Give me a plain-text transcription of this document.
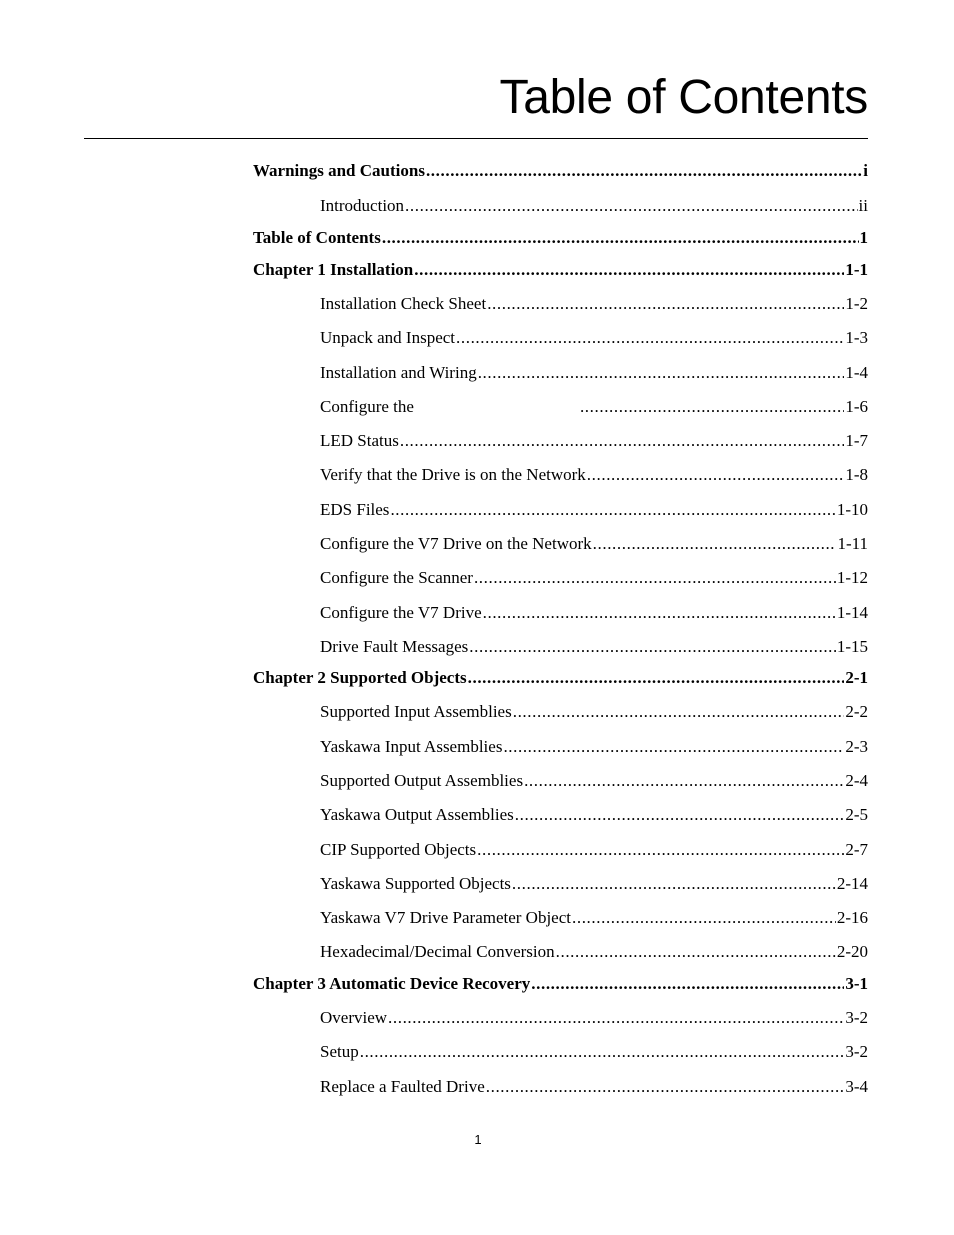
Table of Contents
Warnings and Cautions .....	i
Introduction .....	ii
Table of Contents .....	1
Chapter 1 Installation .....	1-1
Installation Check Sheet .....	1-2
Unpack and Inspect .....	1-3
Installation and Wiring .....	1-4
Configure the .....	1-6
LED Status .....	1-7
Verify that the Drive is on the Network .....	1-8
EDS Files .....	1-10
Configure the V7 Drive on the Network .....	1-11
Configure the Scanner .....	1-12
Configure the V7 Drive .....	1-14
Drive Fault Messages .....	1-15
Chapter 2 Supported Objects .....	2-1
Supported Input Assemblies .....	2-2
Yaskawa Input Assemblies .....	2-3
Supported Output Assemblies .....	2-4
Yaskawa Output Assemblies .....	2-5
CIP Supported Objects .....	2-7
Yaskawa Supported Objects .....	2-14
Yaskawa V7 Drive Parameter Object .....	2-16
Hexadecimal/Decimal Conversion .....	2-20
Chapter 3 Automatic Device Recovery .....	3-1
Overview .....	3-2
Setup .....	3-2
Replace a Faulted Drive .....	3-4
1
